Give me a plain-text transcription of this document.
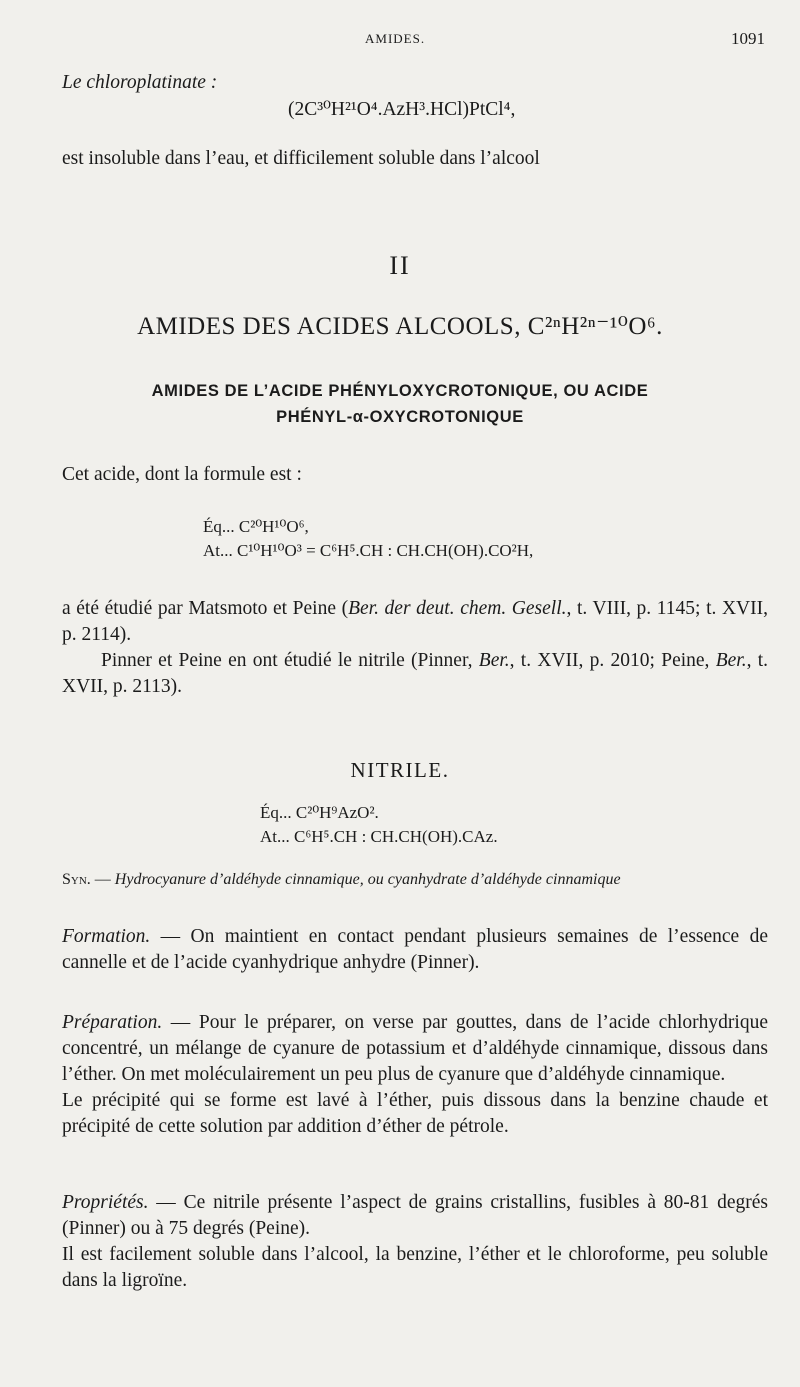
AMIDES.	1091
Le chloroplatinate :
(2C³⁰H²¹O⁴.AzH³.HCl)PtCl⁴,
est insoluble dans l’eau, et difficilement soluble dans l’alcool
II
AMIDES DES ACIDES ALCOOLS, C²ⁿH²ⁿ⁻¹⁰O⁶.
AMIDES DE L’ACIDE PHÉNYLOXYCROTONIQUE, OU ACIDE
PHÉNYL-α-OXYCROTONIQUE
Cet acide, dont la formule est :
Éq... C²⁰H¹⁰O⁶,
At... C¹⁰H¹⁰O³ = C⁶H⁵.CH : CH.CH(OH).CO²H,

a été étudié par Matsmoto et Peine (Ber. der deut. chem. Gesell., t. VIII, p. 1145; t. XVII, p. 2114).

Pinner et Peine en ont étudié le nitrile (Pinner, Ber., t. XVII, p. 2010; Peine, Ber., t. XVII, p. 2113).

NITRILE.
Éq... C²⁰H⁹AzO².
At... C⁶H⁵.CH : CH.CH(OH).CAz.
Syn. — Hydrocyanure d’aldéhyde cinnamique, ou cyanhydrate d’aldéhyde cinnamique

Formation. — On maintient en contact pendant plusieurs semaines de l’essence de cannelle et de l’acide cyanhydrique anhydre (Pinner).

Préparation. — Pour le préparer, on verse par gouttes, dans de l’acide chlorhydrique concentré, un mélange de cyanure de potassium et d’aldéhyde cinnamique, dissous dans l’éther. On met moléculairement un peu plus de cyanure que d’aldéhyde cinnamique.

Le précipité qui se forme est lavé à l’éther, puis dissous dans la benzine chaude et précipité de cette solution par addition d’éther de pétrole.

Propriétés. — Ce nitrile présente l’aspect de grains cristallins, fusibles à 80-81 degrés (Pinner) ou à 75 degrés (Peine).

Il est facilement soluble dans l’alcool, la benzine, l’éther et le chloroforme, peu soluble dans la ligroïne.
